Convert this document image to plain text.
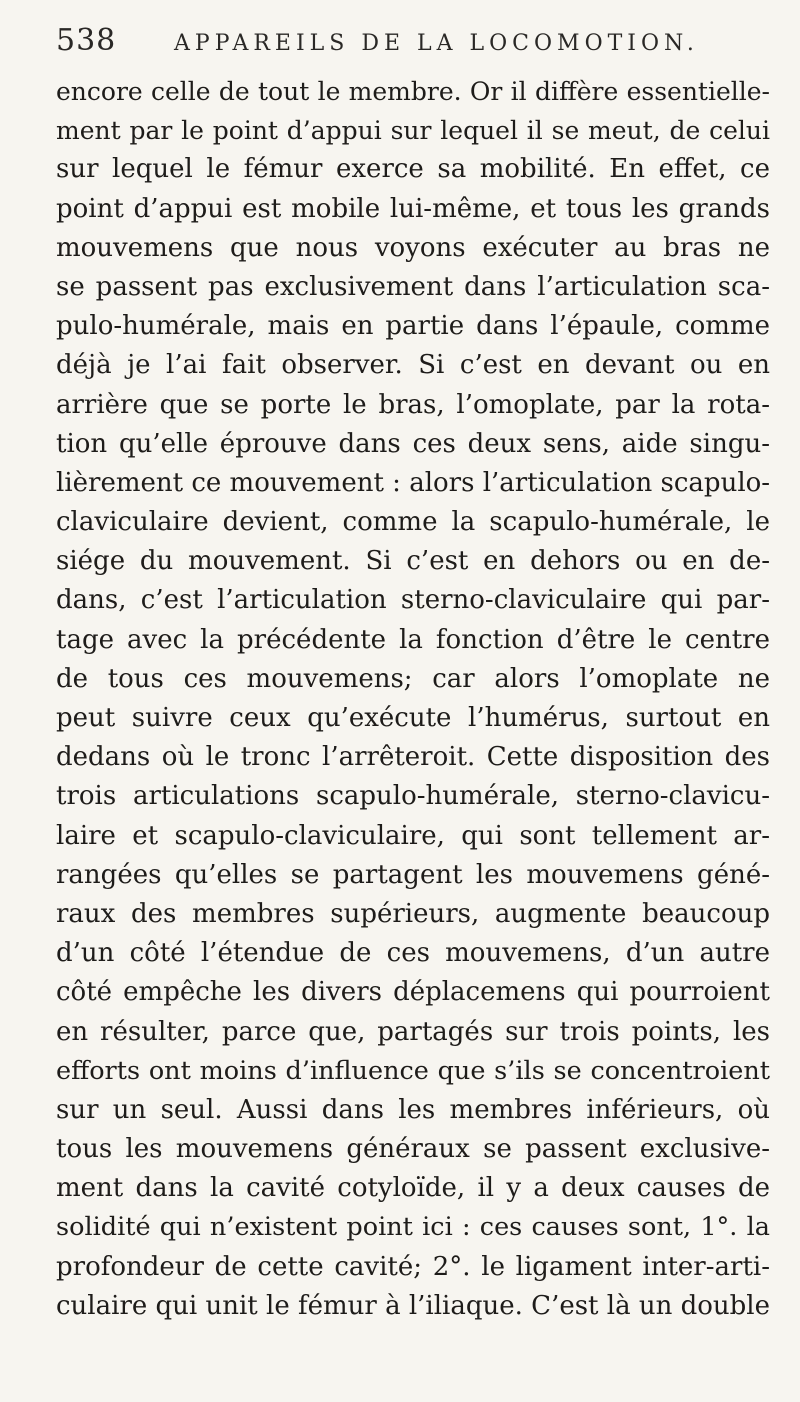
538	APPAREILS DE LA LOCOMOTION.
encore celle de tout le membre. Or il diffère essentielle-
ment par le point d’appui sur lequel il se meut, de celui
sur lequel le fémur exerce sa mobilité. En effet, ce
point d’appui est mobile lui-même, et tous les grands
mouvemens que nous voyons exécuter au bras ne
se passent pas exclusivement dans l’articulation sca-
pulo-humérale, mais en partie dans l’épaule, comme
déjà je l’ai fait observer. Si c’est en devant ou en
arrière que se porte le bras, l’omoplate, par la rota-
tion qu’elle éprouve dans ces deux sens, aide singu-
lièrement ce mouvement : alors l’articulation scapulo-
claviculaire devient, comme la scapulo-humérale, le
siége du mouvement. Si c’est en dehors ou en de-
dans, c’est l’articulation sterno-claviculaire qui par-
tage avec la précédente la fonction d’être le centre
de tous ces mouvemens; car alors l’omoplate ne
peut suivre ceux qu’exécute l’humérus, surtout en
dedans où le tronc l’arrêteroit. Cette disposition des
trois articulations scapulo-humérale, sterno-clavicu-
laire et scapulo-claviculaire, qui sont tellement ar-
rangées qu’elles se partagent les mouvemens géné-
raux des membres supérieurs, augmente beaucoup
d’un côté l’étendue de ces mouvemens, d’un autre
côté empêche les divers déplacemens qui pourroient
en résulter, parce que, partagés sur trois points, les
efforts ont moins d’influence que s’ils se concentroient
sur un seul. Aussi dans les membres inférieurs, où
tous les mouvemens généraux se passent exclusive-
ment dans la cavité cotyloïde, il y a deux causes de
solidité qui n’existent point ici : ces causes sont, 1°. la
profondeur de cette cavité; 2°. le ligament inter-arti-
culaire qui unit le fémur à l’iliaque. C’est là un double
